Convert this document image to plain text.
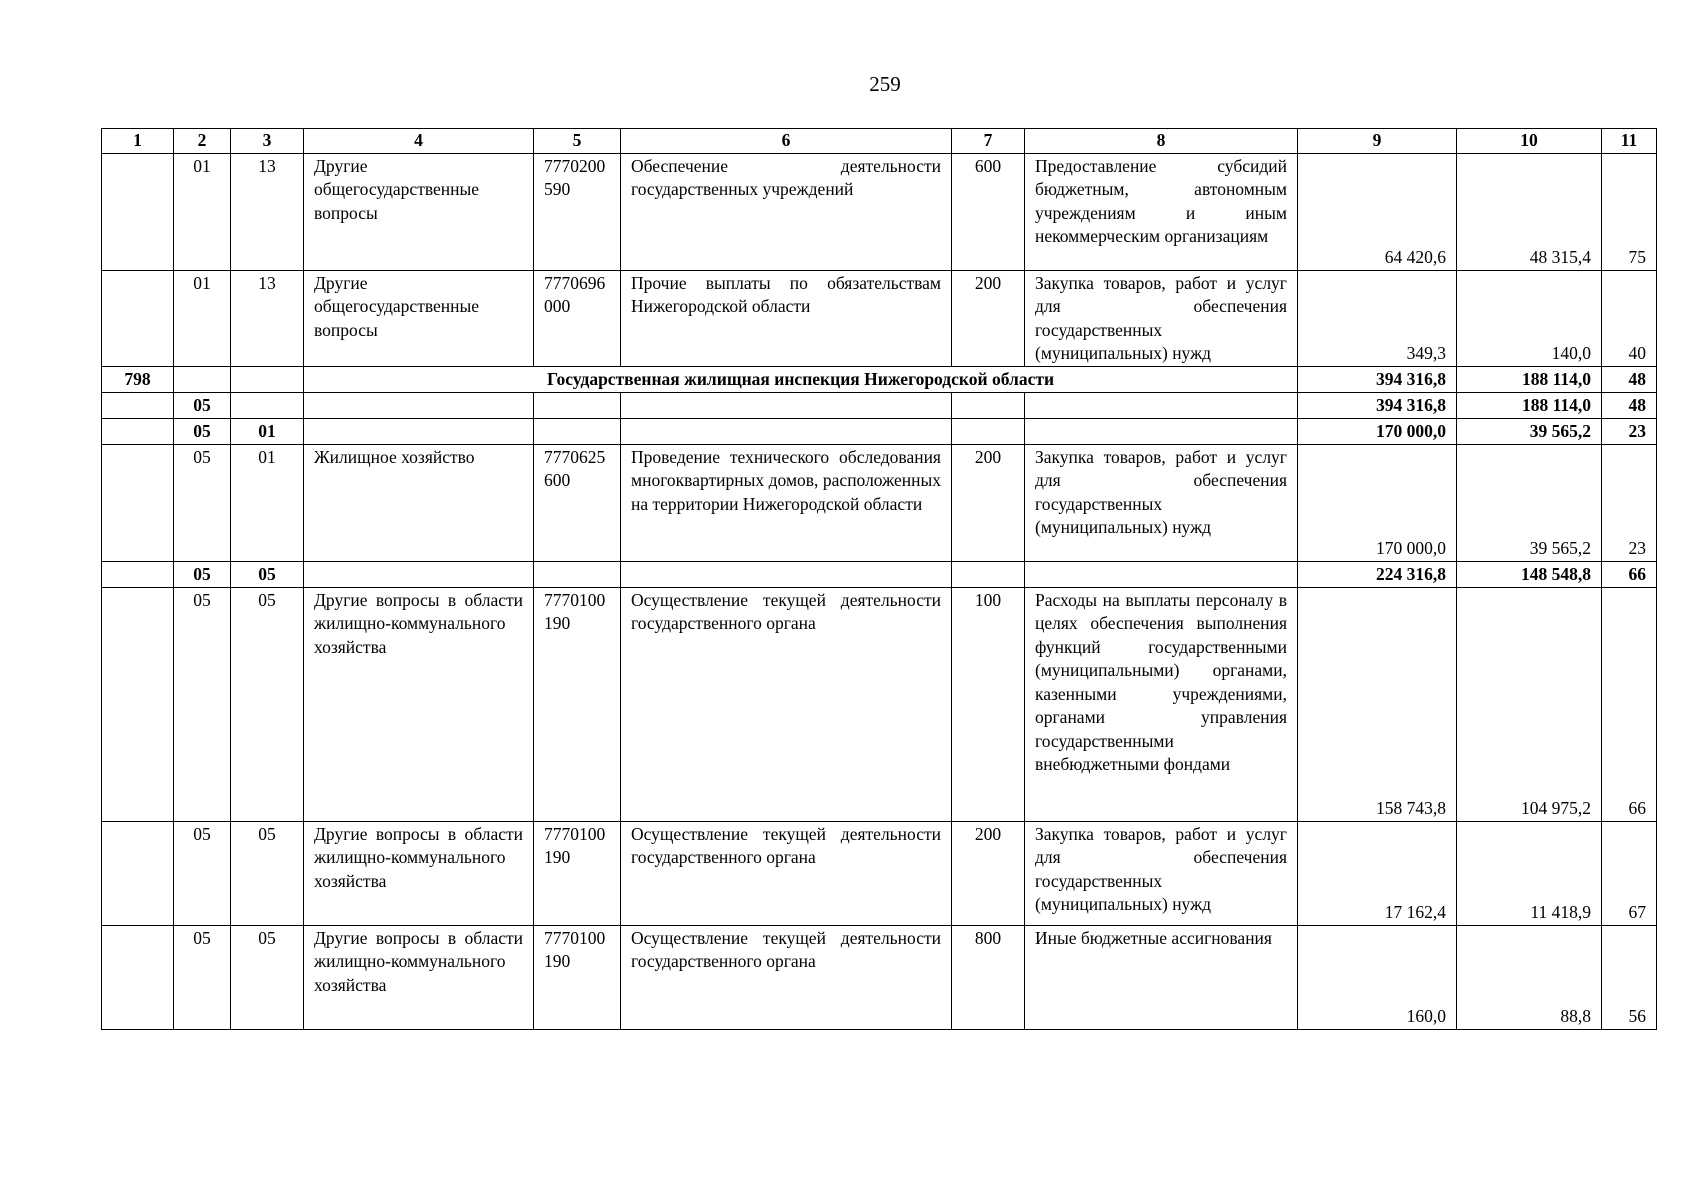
259
1	2	3	4	5	6	7	8	9	10	11
	01	13	Другие общегосударственные вопросы	7770200590	Обеспечение деятельности государственных учреждений	600	Предоставление субсидий бюджетным, автономным учреждениям и иным некоммерческим организациям	64 420,6	48 315,4	75
	01	13	Другие общегосударственные вопросы	7770696000	Прочие выплаты по обязательствам Нижегородской области	200	Закупка товаров, работ и услуг для обеспечения государственных (муниципальных) нужд	349,3	140,0	40
798			Государственная жилищная инспекция Нижегородской области					394 316,8	188 114,0	48
	05							394 316,8	188 114,0	48
	05	01						170 000,0	39 565,2	23
	05	01	Жилищное хозяйство	7770625600	Проведение технического обследования многоквартирных домов, расположенных на территории Нижегородской области	200	Закупка товаров, работ и услуг для обеспечения государственных (муниципальных) нужд	170 000,0	39 565,2	23
	05	05						224 316,8	148 548,8	66
	05	05	Другие вопросы в области жилищно-коммунального хозяйства	7770100190	Осуществление текущей деятельности государственного органа	100	Расходы на выплаты персоналу в целях обеспечения выполнения функций государственными (муниципальными) органами, казенными учреждениями, органами управления государственными внебюджетными фондами	158 743,8	104 975,2	66
	05	05	Другие вопросы в области жилищно-коммунального хозяйства	7770100190	Осуществление текущей деятельности государственного органа	200	Закупка товаров, работ и услуг для обеспечения государственных (муниципальных) нужд	17 162,4	11 418,9	67
	05	05	Другие вопросы в области жилищно-коммунального хозяйства	7770100190	Осуществление текущей деятельности государственного органа	800	Иные бюджетные ассигнования	160,0	88,8	56
